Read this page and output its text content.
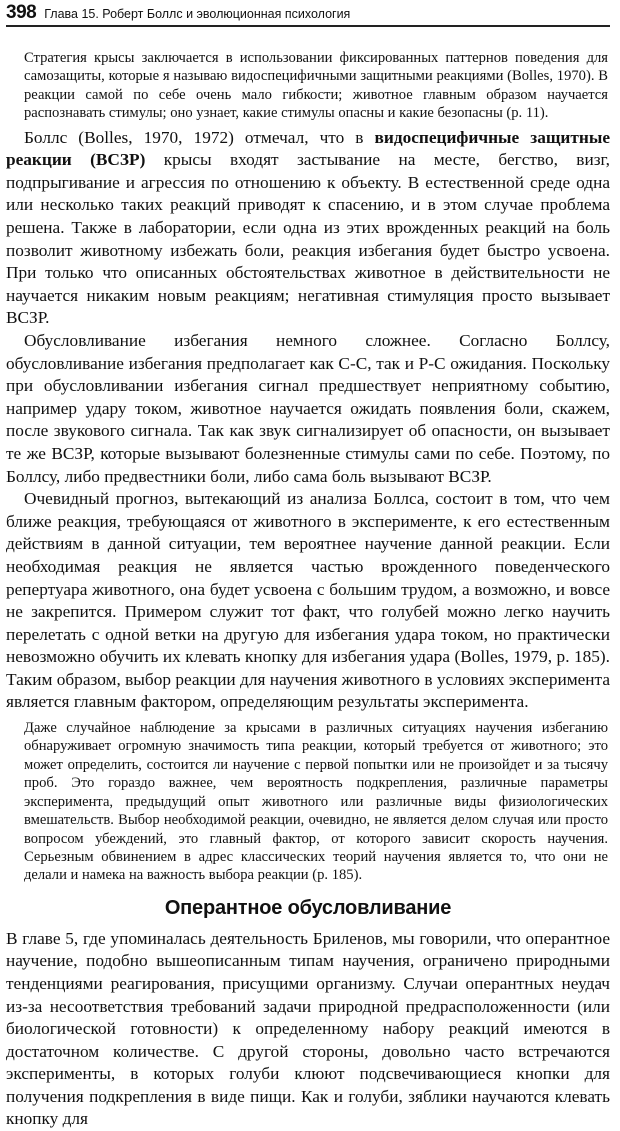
398 Глава 15. Роберт Боллс и эволюционная психология

Стратегия крысы заключается в использовании фиксированных паттернов поведения для самозащиты, которые я называю видоспецифичными защитными реакциями (Bolles, 1970). В реакции самой по себе очень мало гибкости; животное главным образом научается распознавать стимулы; оно узнает, какие стимулы опасны и какие безопасны (р. 11).

Боллс (Bolles, 1970, 1972) отмечал, что в видоспецифичные защитные реакции (ВСЗР) крысы входят застывание на месте, бегство, визг, подпрыгивание и агрессия по отношению к объекту. В естественной среде одна или несколько таких реакций приводят к спасению, и в этом случае проблема решена. Также в лаборатории, если одна из этих врожденных реакций на боль позволит животному избежать боли, реакция избегания будет быстро усвоена. При только что описанных обстоятельствах животное в действительности не научается никаким новым реакциям; негативная стимуляция просто вызывает ВСЗР.

Обусловливание избегания немного сложнее. Согласно Боллсу, обусловливание избегания предполагает как С-С, так и Р-С ожидания. Поскольку при обусловливании избегания сигнал предшествует неприятному событию, например удару током, животное научается ожидать появления боли, скажем, после звукового сигнала. Так как звук сигнализирует об опасности, он вызывает те же ВСЗР, которые вызывают болезненные стимулы сами по себе. Поэтому, по Боллсу, либо предвестники боли, либо сама боль вызывают ВСЗР.

Очевидный прогноз, вытекающий из анализа Боллса, состоит в том, что чем ближе реакция, требующаяся от животного в эксперименте, к его естественным действиям в данной ситуации, тем вероятнее научение данной реакции. Если необходимая реакция не является частью врожденного поведенческого репертуара животного, она будет усвоена с большим трудом, а возможно, и вовсе не закрепится. Примером служит тот факт, что голубей можно легко научить перелетать с одной ветки на другую для избегания удара током, но практически невозможно обучить их клевать кнопку для избегания удара (Bolles, 1979, р. 185). Таким образом, выбор реакции для научения животного в условиях эксперимента является главным фактором, определяющим результаты эксперимента.

Даже случайное наблюдение за крысами в различных ситуациях научения избеганию обнаруживает огромную значимость типа реакции, который требуется от животного; это может определить, состоится ли научение с первой попытки или не произойдет и за тысячу проб. Это гораздо важнее, чем вероятность подкрепления, различные параметры эксперимента, предыдущий опыт животного или различные виды физиологических вмешательств. Выбор необходимой реакции, очевидно, не является делом случая или просто вопросом убеждений, это главный фактор, от которого зависит скорость научения. Серьезным обвинением в адрес классических теорий научения является то, что они не делали и намека на важность выбора реакции (р. 185).

Оперантное обусловливание

В главе 5, где упоминалась деятельность Бриленов, мы говорили, что оперантное научение, подобно вышеописанным типам научения, ограничено природными тенденциями реагирования, присущими организму. Случаи оперантных неудач из-за несоответствия требований задачи природной предрасположенности (или биологической готовности) к определенному набору реакций имеются в достаточном количестве. С другой стороны, довольно часто встречаются эксперименты, в которых голуби клюют подсвечивающиеся кнопки для получения подкрепления в виде пищи. Как и голуби, зяблики научаются клевать кнопку для
